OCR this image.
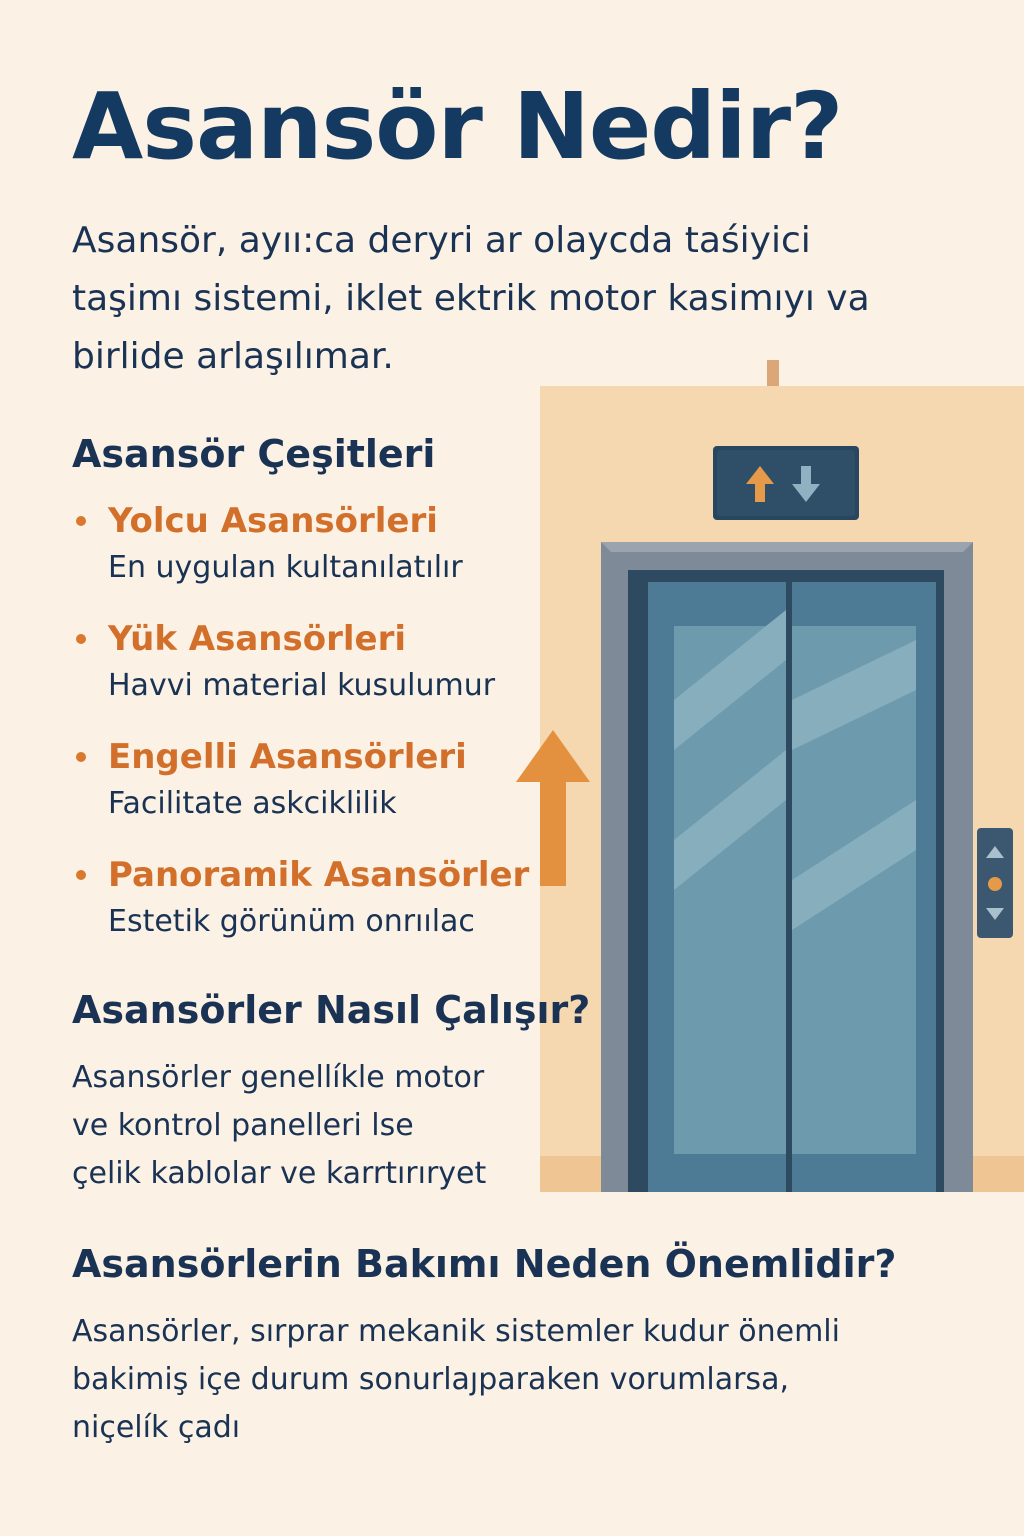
Asansör Nedir?

Asansör, ayıı:ca deryri ar olaycda taśiyici
taşimı sistemi, iklet ektrik motor kasimıyı va
birlide arlaşılımar.

Asansör Çeşitleri
Yolcu Asansörleri
En uygulan kultanılatılır
Yük Asansörleri
Havvi material kusulumur
Engelli Asansörleri
Facilitate askciklilik
Panoramik Asansörler
Estetik görünüm onrıılac
Asansörler Nasıl Çalışır?

Asansörler genellíkle motor
ve kontrol panelleri lse
çelik kablolar ve karrtırıryet

Asansörlerin Bakımı Neden Önemlidir?

Asansörler, sırprar mekanik sistemler kudur önemli
bakimiş içe durum sonurlaȷparaken vorumlarsa,
niçelík çadı
